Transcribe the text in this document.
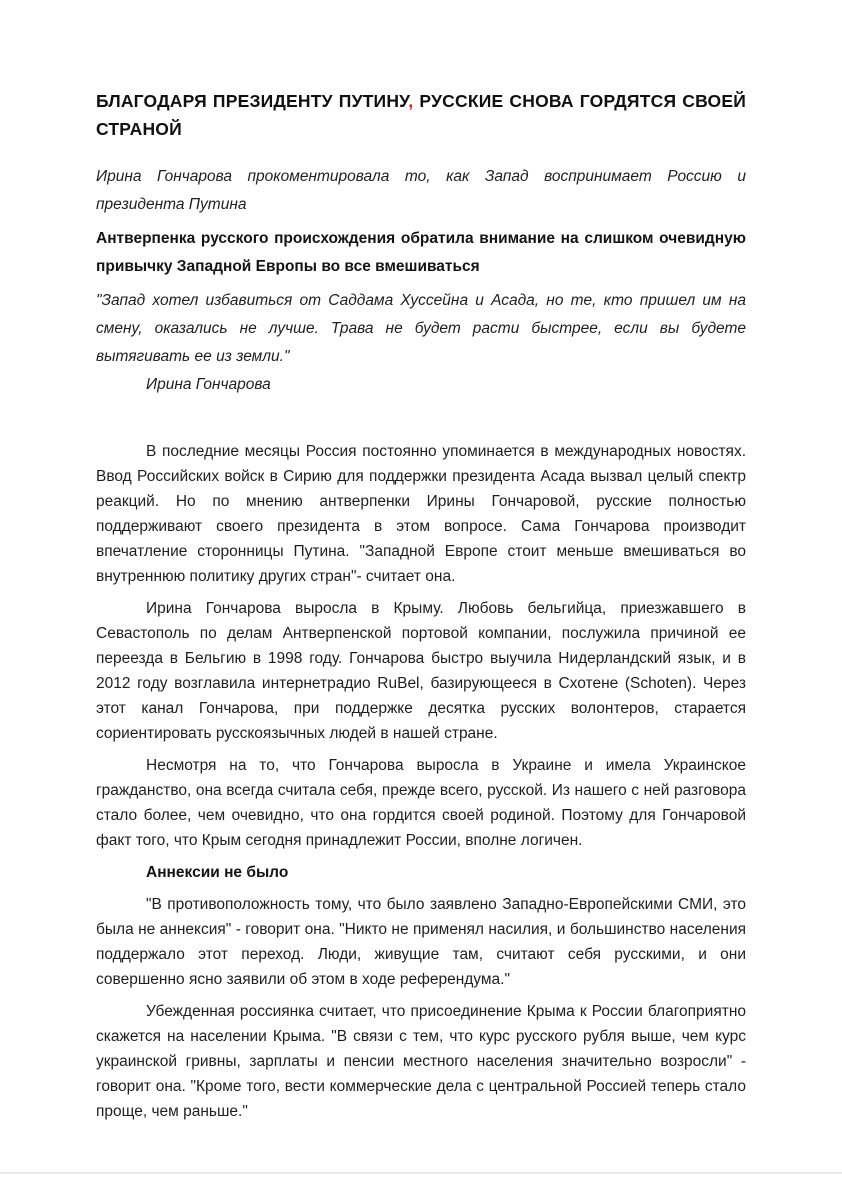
БЛАГОДАРЯ ПРЕЗИДЕНТУ ПУТИНУ, РУССКИЕ СНОВА ГОРДЯТСЯ СВОЕЙ СТРАНОЙ

Ирина Гончарова прокоментировала то, как Запад воспринимает Россию и президента Путина

Антверпенка русского происхождения обратила внимание на слишком очевидную привычку Западной Европы во все вмешиваться

"Запад хотел избавиться от Саддама Хуссейна и Асада, но те, кто пришел им на смену, оказались не лучше. Трава не будет расти быстрее, если вы будете вытягивать ее из земли."

Ирина Гончарова

В последние месяцы Россия постоянно упоминается в международных новостях. Ввод Российских войск в Сирию для поддержки президента Асада вызвал целый спектр реакций. Но по мнению антверпенки Ирины Гончаровой, русские полностью поддерживают своего президента в этом вопросе. Сама Гончарова производит впечатление сторонницы Путина. "Западной Европе стоит меньше вмешиваться во внутреннюю политику других стран"- считает она.

Ирина Гончарова выросла в Крыму. Любовь бельгийца, приезжавшего в Севастополь по делам Антверпенской портовой компании, послужила причиной ее переезда в Бельгию в 1998 году. Гончарова быстро выучила Нидерландский язык, и в 2012 году возглавила интернетрадио RuBel, базирующееся в Схотене (Schoten). Через этот канал Гончарова, при поддержке десятка русских волонтеров, старается сориентировать русскоязычных людей в нашей стране.

Несмотря на то, что Гончарова выросла в Украине и имела Украинское гражданство, она всегда считала себя, прежде всего, русской. Из нашего с ней разговора стало более, чем очевидно, что она гордится своей родиной. Поэтому для Гончаровой факт того, что Крым сегодня принадлежит России, вполне логичен.

Аннексии не было

"В противоположность тому, что было заявлено Западно-Европейскими СМИ, это была не аннексия" - говорит она. "Никто не применял насилия, и большинство населения поддержало этот переход. Люди, живущие там, считают себя русскими, и они совершенно ясно заявили об этом в ходе референдума."

Убежденная россиянка считает, что присоединение Крыма к России благоприятно скажется на населении Крыма. "В связи с тем, что курс русского рубля выше, чем курс украинской гривны, зарплаты и пенсии местного населения значительно возросли" - говорит она. "Кроме того, вести коммерческие дела с центральной Россией теперь стало проще, чем раньше."
